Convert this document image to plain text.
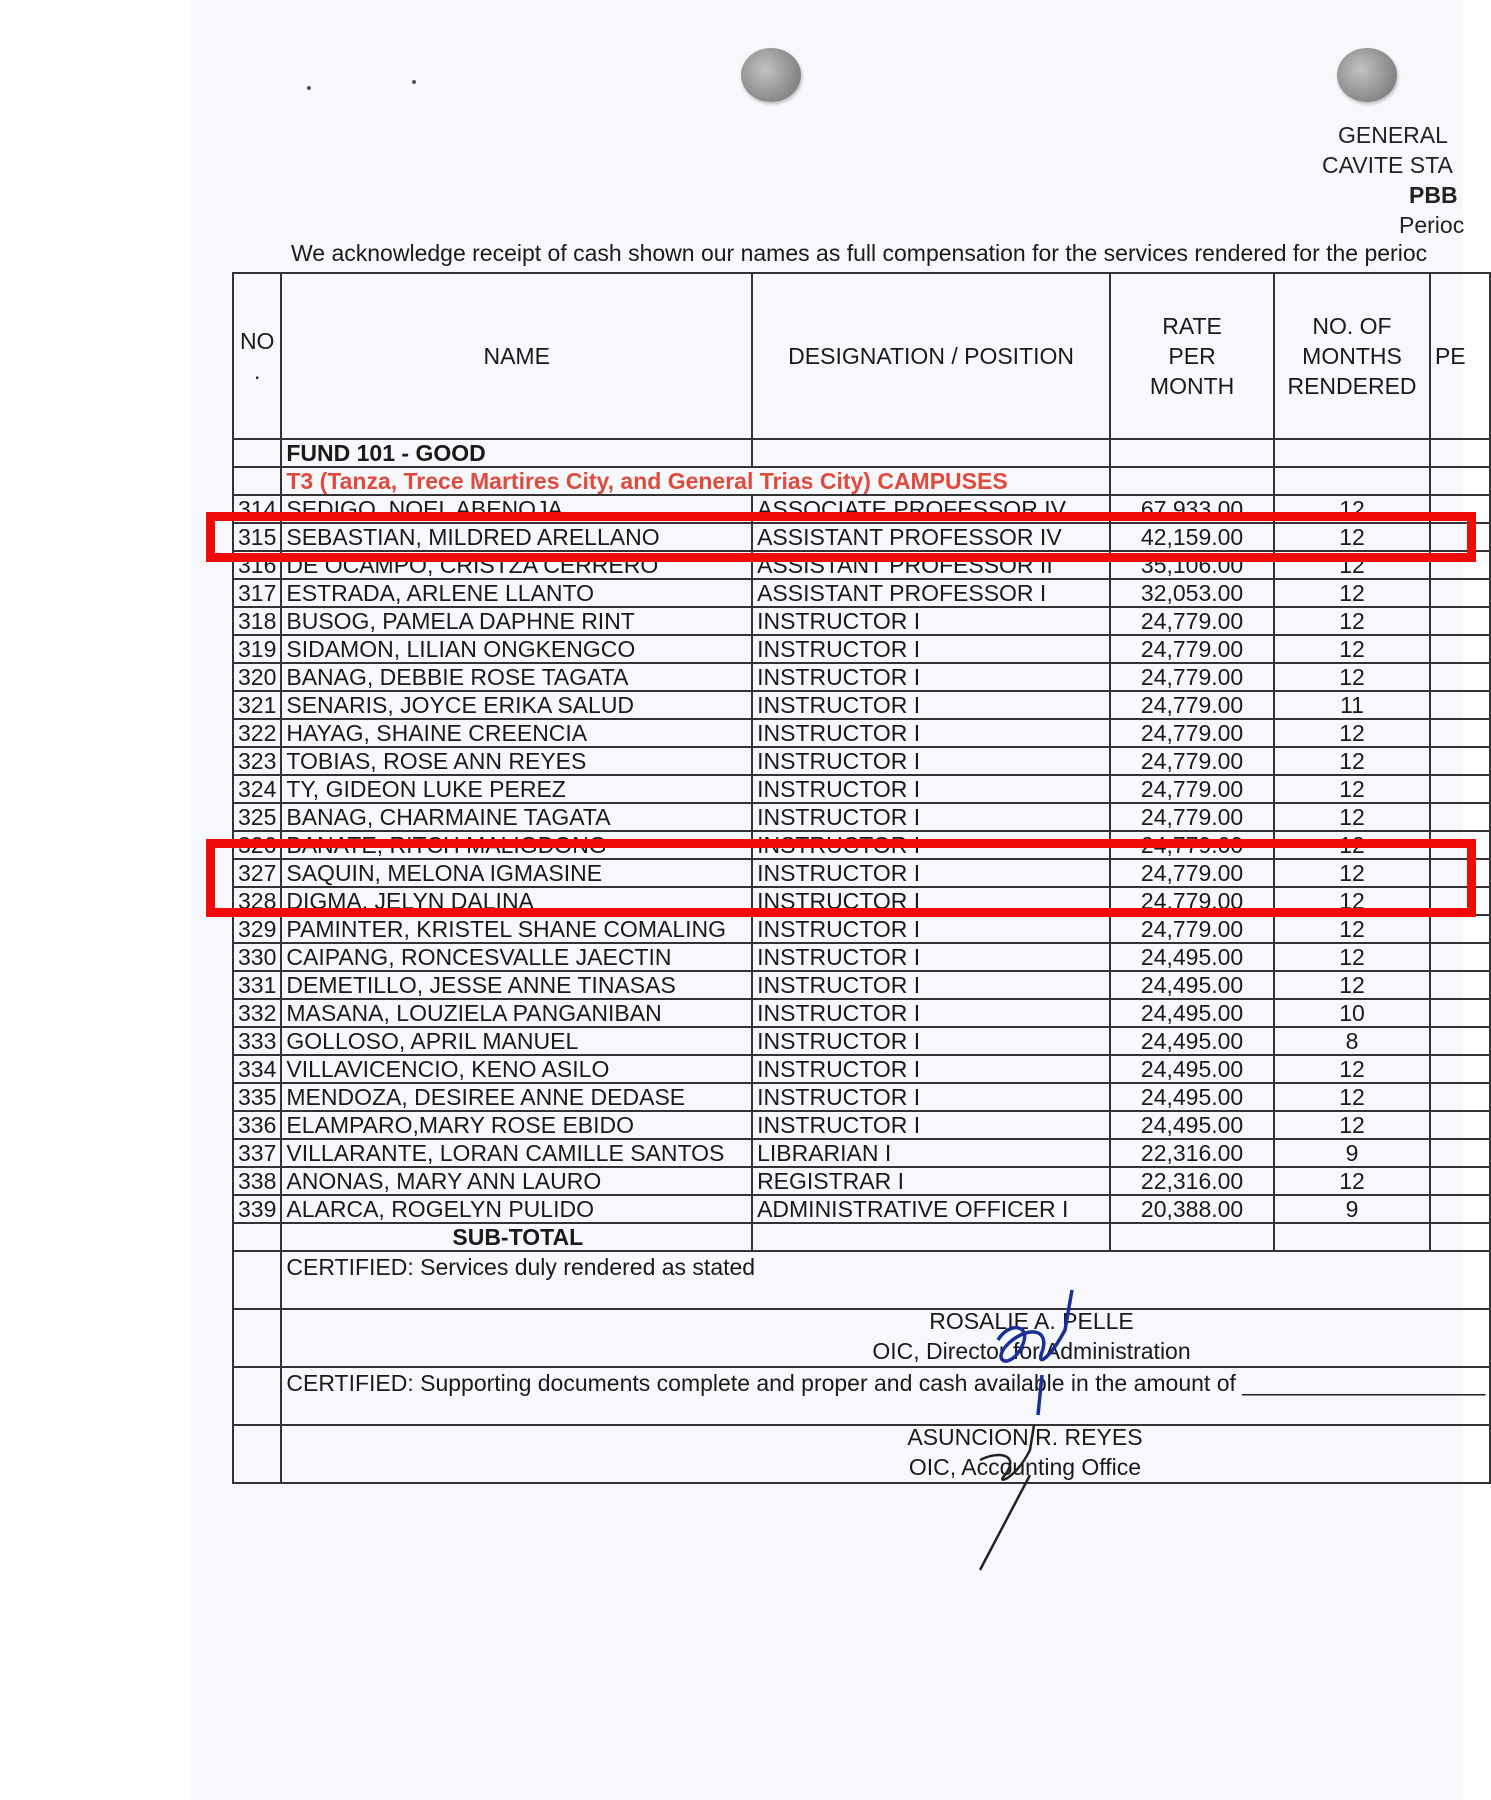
GENERAL
CAVITE STA
PBB
Perioc
We acknowledge receipt of cash shown our names as full compensation for the services rendered for the perioc
NO
.	NAME	DESIGNATION / POSITION	RATE PER MONTH	NO. OF MONTHS RENDERED	PE
	FUND 101 - GOOD				
	T3 (Tanza, Trece Martires City, and General Trias City) CAMPUSES				
314	SEDIGO, NOEL ABENOJA	ASSOCIATE PROFESSOR IV	67,933.00	12	
315	SEBASTIAN, MILDRED ARELLANO	ASSISTANT PROFESSOR IV	42,159.00	12	
316	DE OCAMPO, CRISTZA CERRERO	ASSISTANT PROFESSOR II	35,106.00	12	
317	ESTRADA, ARLENE LLANTO	ASSISTANT PROFESSOR I	32,053.00	12	
318	BUSOG, PAMELA DAPHNE RINT	INSTRUCTOR I	24,779.00	12	
319	SIDAMON, LILIAN ONGKENGCO	INSTRUCTOR I	24,779.00	12	
320	BANAG, DEBBIE ROSE TAGATA	INSTRUCTOR I	24,779.00	12	
321	SENARIS, JOYCE ERIKA SALUD	INSTRUCTOR I	24,779.00	11	
322	HAYAG, SHAINE CREENCIA	INSTRUCTOR I	24,779.00	12	
323	TOBIAS, ROSE ANN REYES	INSTRUCTOR I	24,779.00	12	
324	TY, GIDEON LUKE PEREZ	INSTRUCTOR I	24,779.00	12	
325	BANAG, CHARMAINE TAGATA	INSTRUCTOR I	24,779.00	12	
326	BANATE, RITCH MALIGDONG	INSTRUCTOR I	24,779.00	12	
327	SAQUIN, MELONA IGMASINE	INSTRUCTOR I	24,779.00	12	
328	DIGMA, JELYN DALINA	INSTRUCTOR I	24,779.00	12	
329	PAMINTER, KRISTEL SHANE COMALING	INSTRUCTOR I	24,779.00	12	
330	CAIPANG, RONCESVALLE JAECTIN	INSTRUCTOR I	24,495.00	12	
331	DEMETILLO, JESSE ANNE TINASAS	INSTRUCTOR I	24,495.00	12	
332	MASANA, LOUZIELA PANGANIBAN	INSTRUCTOR I	24,495.00	10	
333	GOLLOSO, APRIL MANUEL	INSTRUCTOR I	24,495.00	8	
334	VILLAVICENCIO, KENO ASILO	INSTRUCTOR I	24,495.00	12	
335	MENDOZA, DESIREE ANNE DEDASE	INSTRUCTOR I	24,495.00	12	
336	ELAMPARO,MARY ROSE EBIDO	INSTRUCTOR I	24,495.00	12	
337	VILLARANTE, LORAN CAMILLE SANTOS	LIBRARIAN I	22,316.00	9	
338	ANONAS, MARY ANN LAURO	REGISTRAR I	22,316.00	12	
339	ALARCA, ROGELYN PULIDO	ADMINISTRATIVE OFFICER I	20,388.00	9	
	SUB-TOTAL				
	CERTIFIED: Services duly rendered as stated				

	ROSALIE A. PELLE
OIC, Director for Administration				

	CERTIFIED: Supporting documents complete and proper and cash available in the amount of ___________________				

	ASUNCION R. REYES
OIC, Accounting Office				
